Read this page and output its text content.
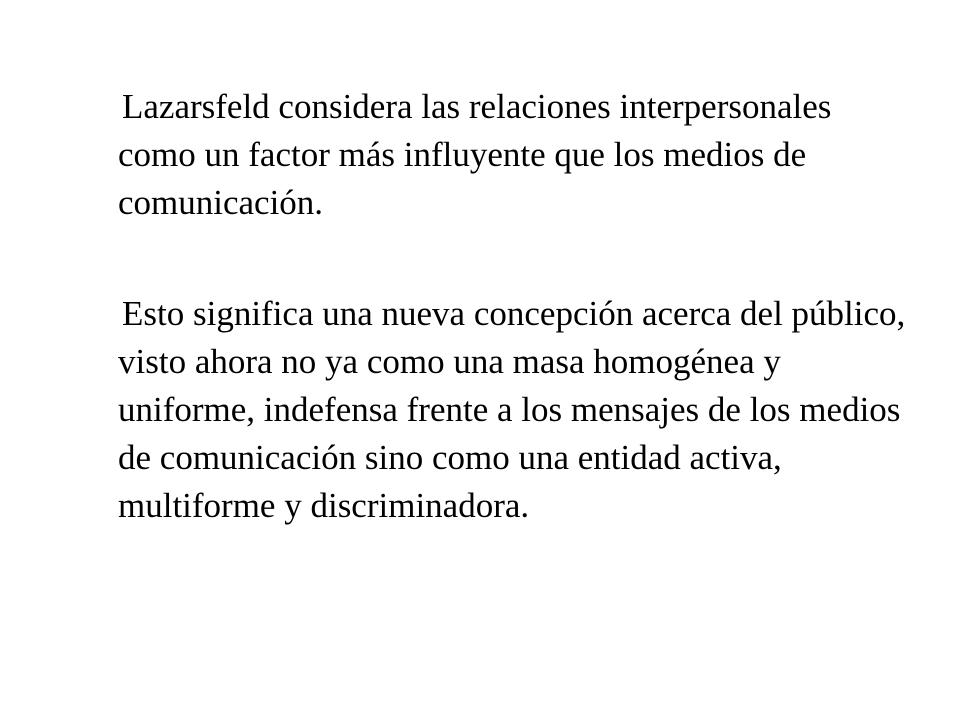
Lazarsfeld considera las relaciones interpersonales como un factor más influyente que los medios de comunicación.

Esto significa una nueva concepción acerca del público, visto ahora no ya como una masa homogénea y uniforme, indefensa frente a los mensajes de los medios de comunicación sino como una entidad activa, multiforme y discriminadora.
